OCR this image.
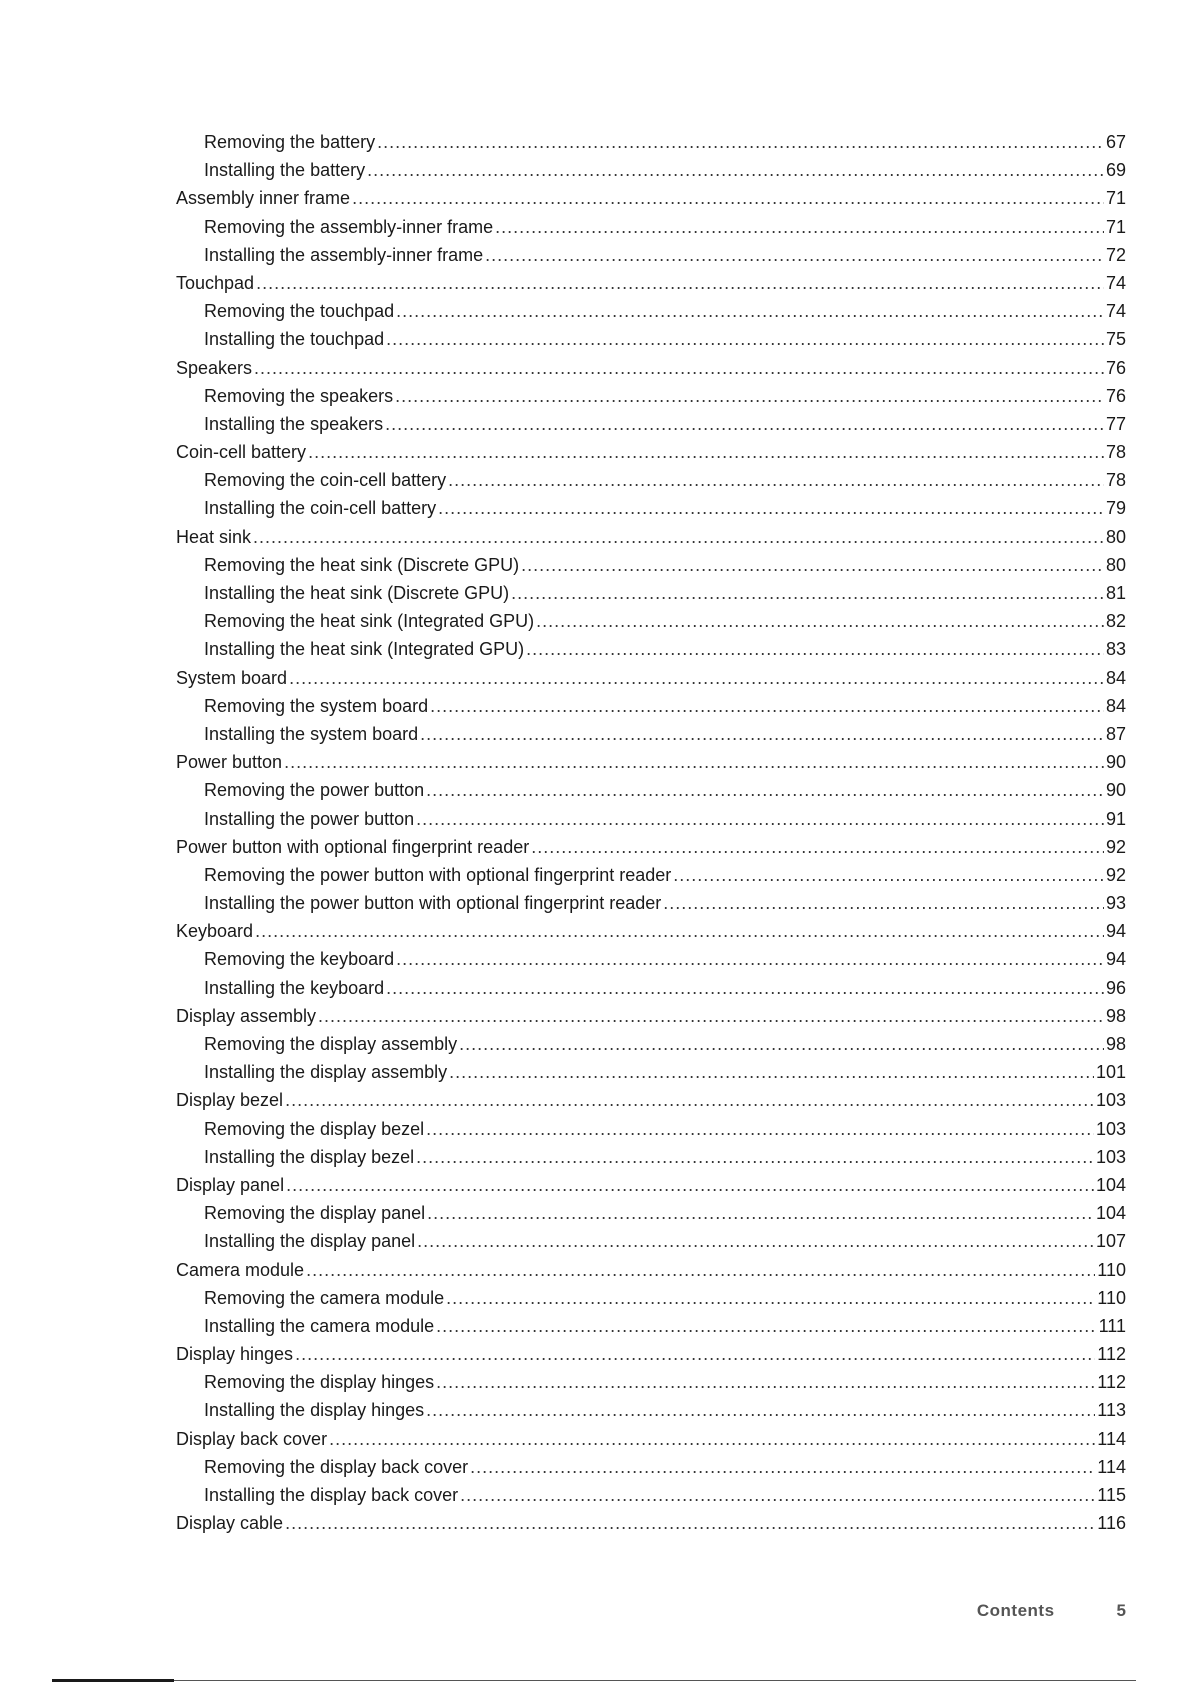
Removing the battery .....	67
Installing the battery .....	69
Assembly inner frame .....	71
Removing the assembly-inner frame .....	71
Installing the assembly-inner frame .....	72
Touchpad .....	74
Removing the touchpad .....	74
Installing the touchpad .....	75
Speakers .....	76
Removing the speakers .....	76
Installing the speakers .....	77
Coin-cell battery .....	78
Removing the coin-cell battery .....	78
Installing the coin-cell battery .....	79
Heat sink .....	80
Removing the heat sink (Discrete GPU) .....	80
Installing the heat sink (Discrete GPU) .....	81
Removing the heat sink (Integrated GPU) .....	82
Installing the heat sink (Integrated GPU) .....	83
System board .....	84
Removing the system board .....	84
Installing the system board .....	87
Power button .....	90
Removing the power button .....	90
Installing the power button .....	91
Power button with optional fingerprint reader .....	92
Removing the power button with optional fingerprint reader .....	92
Installing the power button with optional fingerprint reader .....	93
Keyboard .....	94
Removing the keyboard .....	94
Installing the keyboard .....	96
Display assembly .....	98
Removing the display assembly .....	98
Installing the display assembly .....	101
Display bezel .....	103
Removing the display bezel .....	103
Installing the display bezel .....	103
Display panel .....	104
Removing the display panel .....	104
Installing the display panel .....	107
Camera module .....	110
Removing the camera module .....	110
Installing the camera module .....	111
Display hinges .....	112
Removing the display hinges .....	112
Installing the display hinges .....	113
Display back cover .....	114
Removing the display back cover .....	114
Installing the display back cover .....	115
Display cable .....	116
Contents	5
